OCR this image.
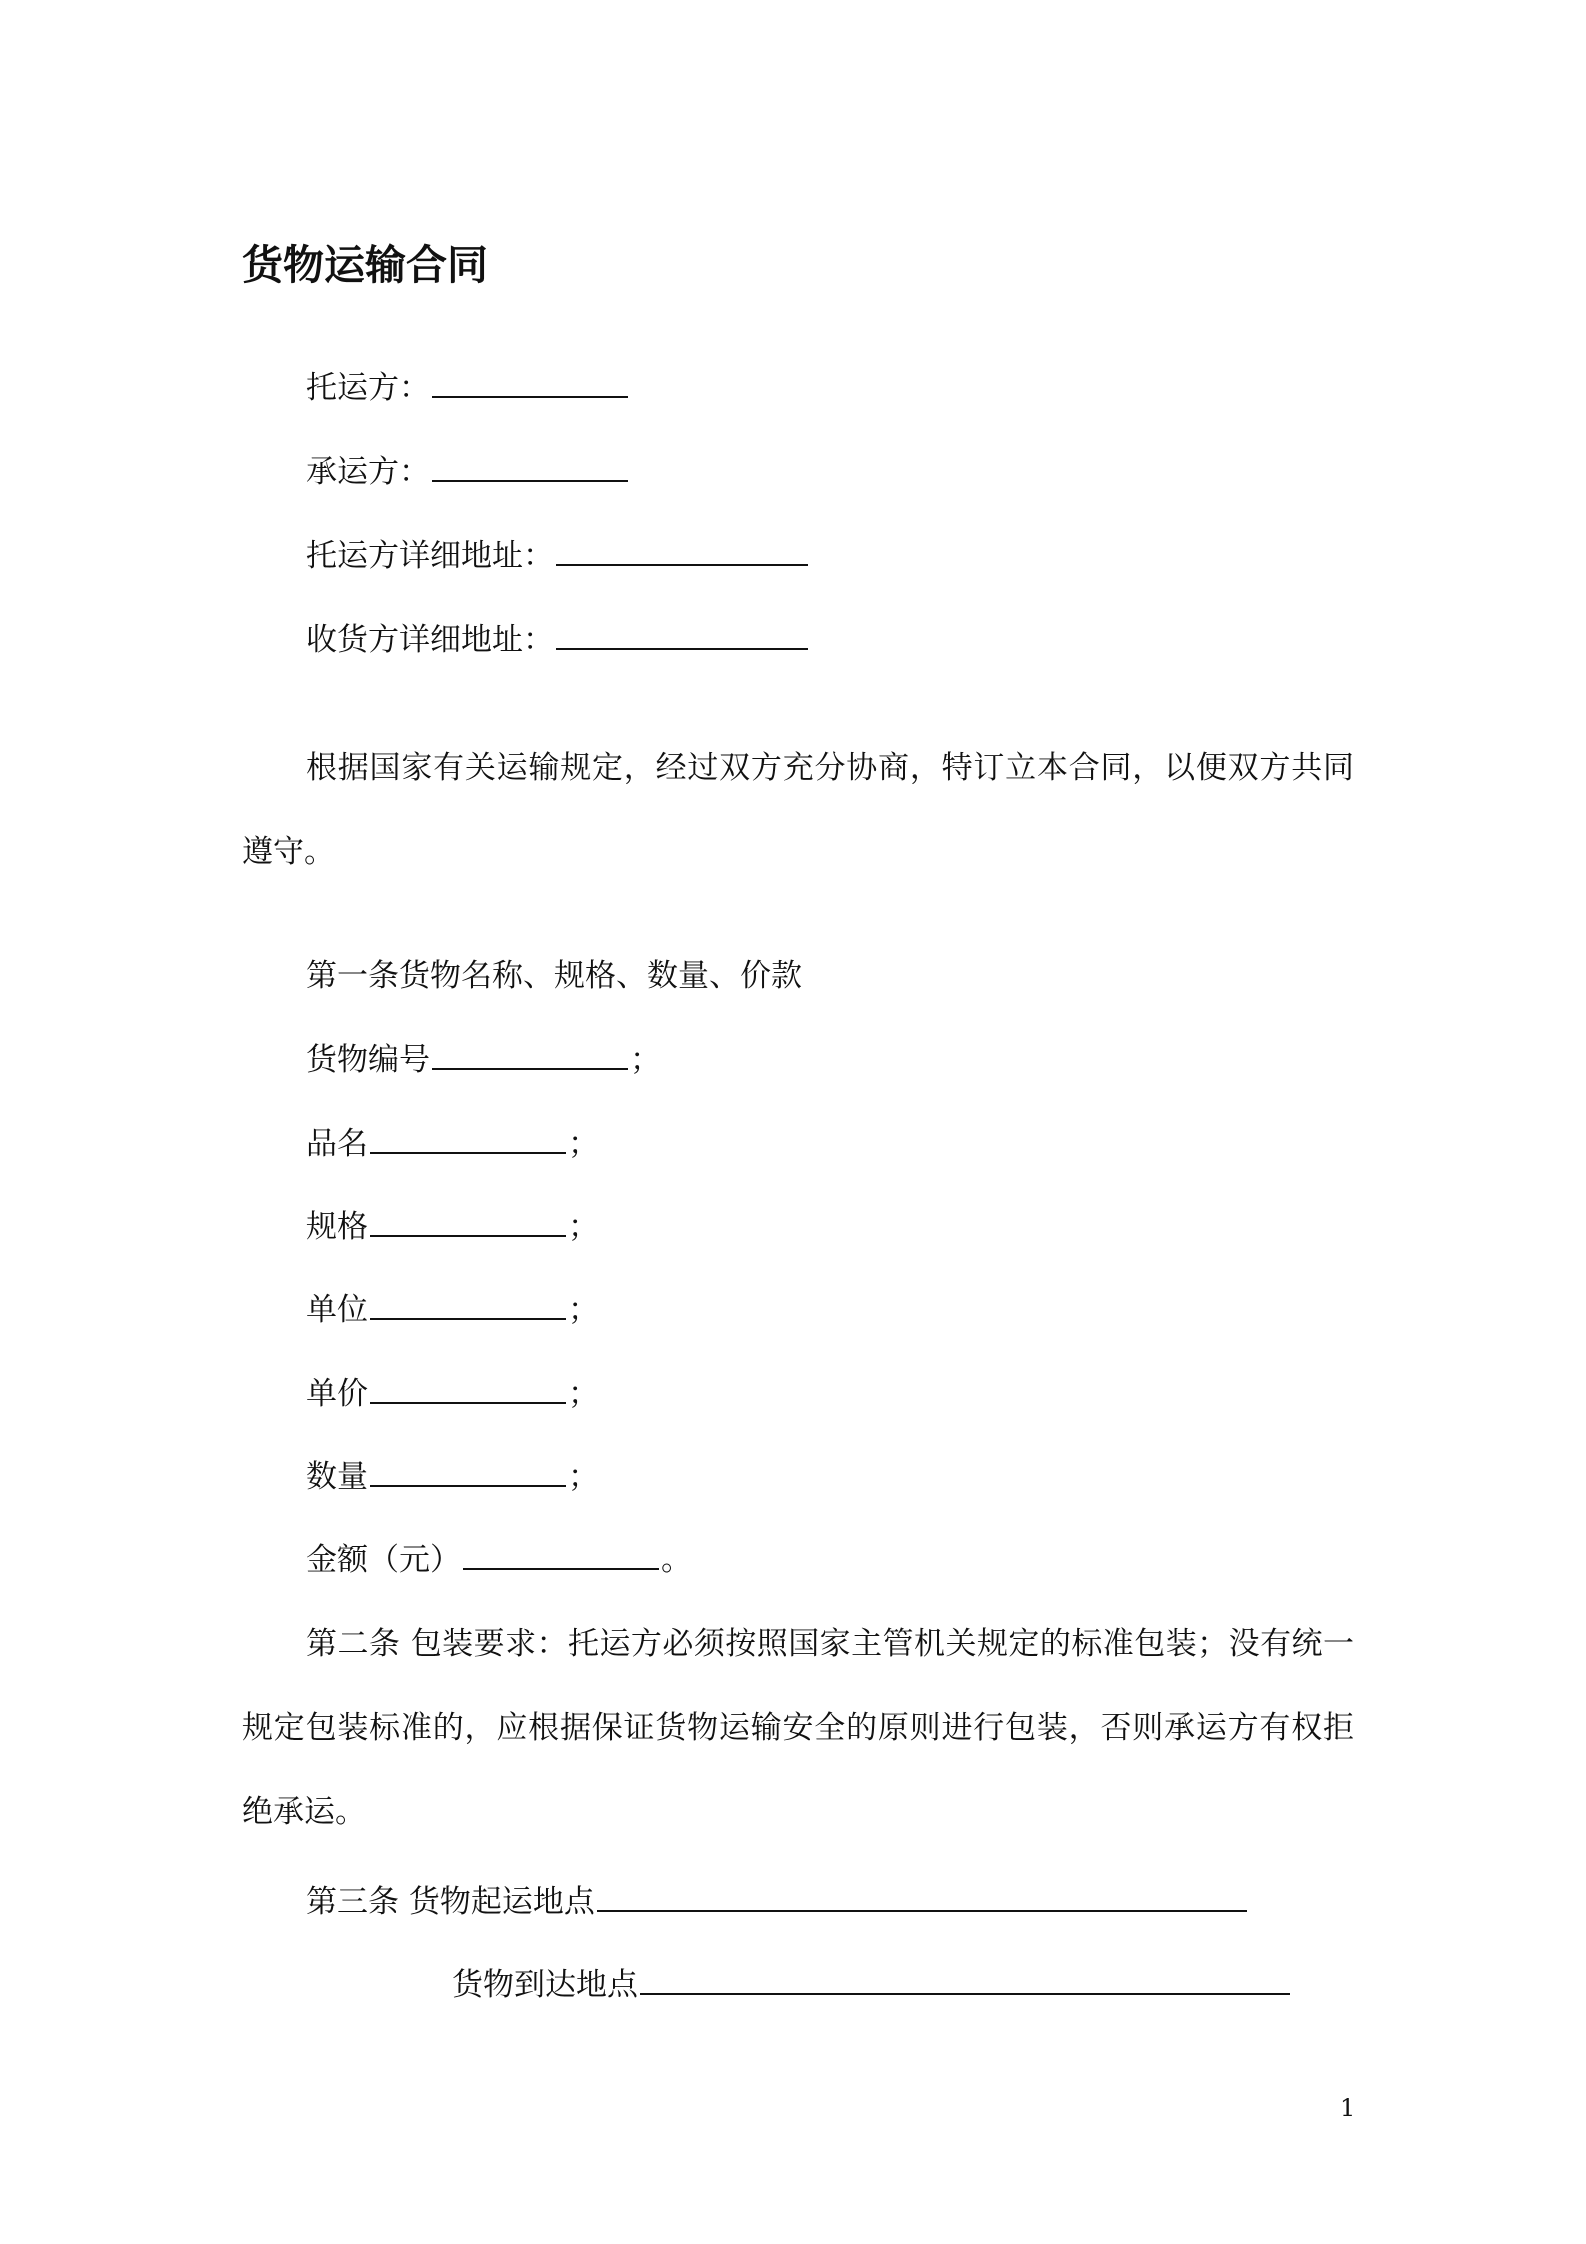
货物运输合同
托运方：
承运方：
托运方详细地址：
收货方详细地址：

根据国家有关运输规定，经过双方充分协商，特订立本合同，以便双方共同遵守。

第一条货物名称、规格、数量、价款
货物编号	；
品名	；
规格	；
单位	；
单价	；
数量	；
金额（元）	。

第二条 包装要求：托运方必须按照国家主管机关规定的标准包装；没有统一规定包装标准的，应根据保证货物运输安全的原则进行包装，否则承运方有权拒绝承运。

第三条 货物起运地点
货物到达地点
1
